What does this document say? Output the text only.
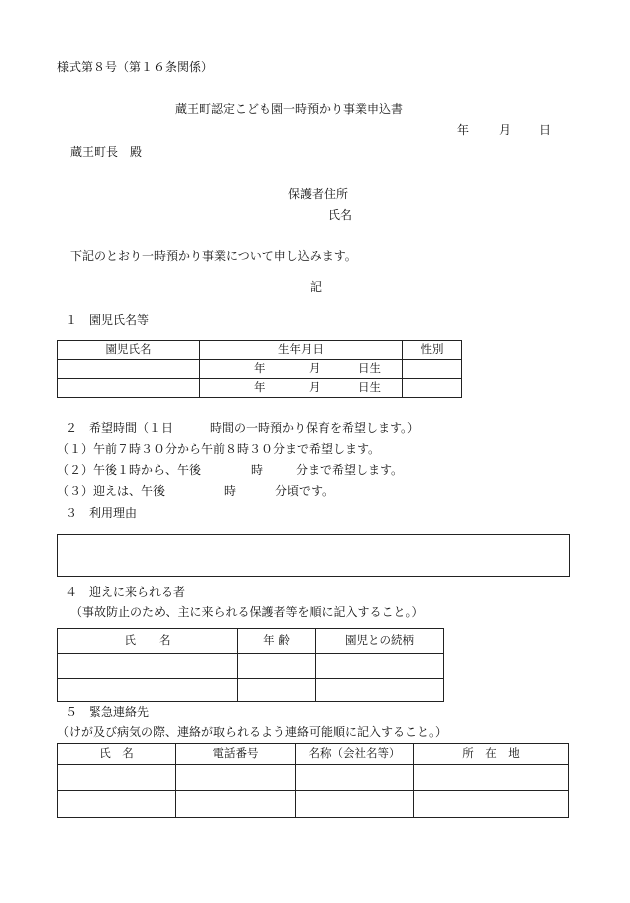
様式第８号（第１６条関係）
蔵王町認定こども園一時預かり事業申込書
年 月 日
蔵王町長　殿
保護者住所
氏名
下記のとおり一時預かり事業について申し込みます。
記
１　園児氏名等
園児氏名	生年月日	性別

	年 月 日生	

	年 月 日生	

２　希望時間（１日	時間の一時預かり保育を希望します。）
（１）午前７時３０分から午前８時３０分まで希望します。
（２）午後１時から、午後	時	分まで希望します。
（３）迎えは、午後	時	分頃です。
３　利用理由
４　迎えに来られる者
（事故防止のため、主に来られる保護者等を順に記入すること。）
氏　　名	年 齢	園児との続柄

５　緊急連絡先
（けが及び病気の際、連絡が取られるよう連絡可能順に記入すること。）
氏　名	電話番号	名称（会社名等）	所　在　地
